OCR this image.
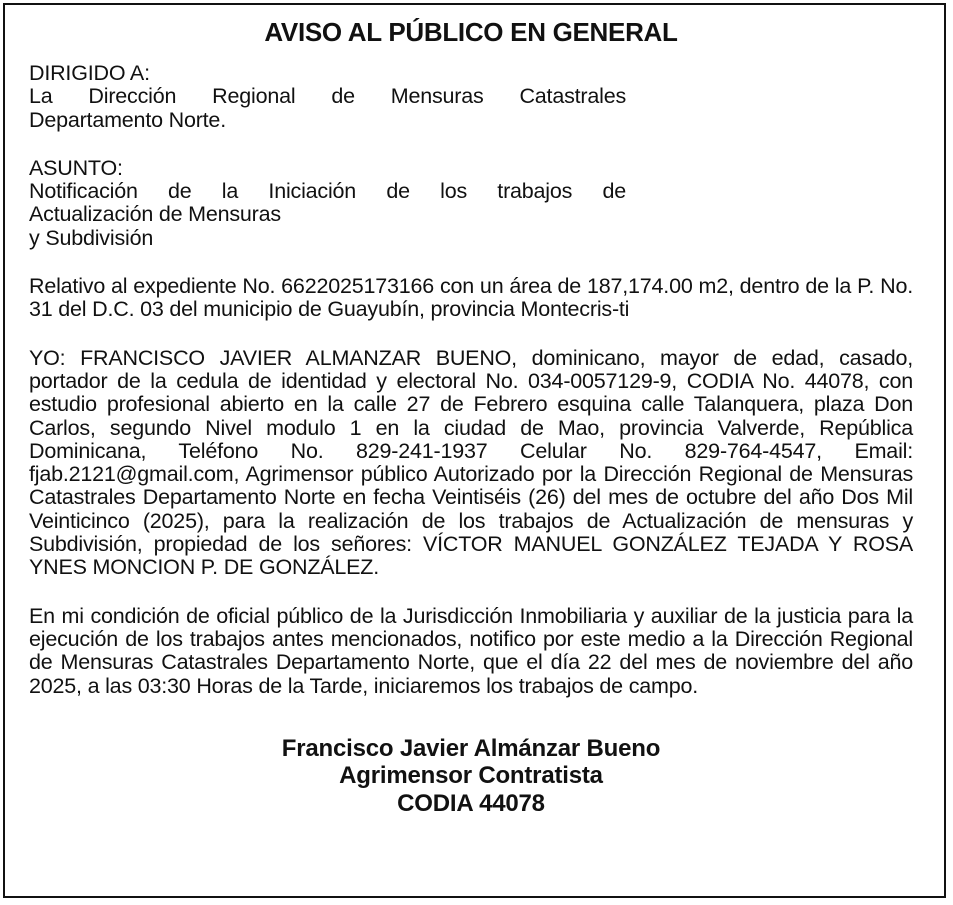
AVISO AL PÚBLICO EN GENERAL
DIRIGIDO A:La Dirección Regional de Mensuras Catastrales
Departamento Norte.
ASUNTO:Notificación de la Iniciación de los trabajos de
Actualización de Mensuras
y Subdivisión
Relativo al expediente No. 6622025173166 con un área de 187,174.00 m2, dentro de la P. No. 31 del D.C. 03 del municipio de Guayubín, provincia Montecris-ti
YO: FRANCISCO JAVIER ALMANZAR BUENO, dominicano, mayor de edad, casado, portador de la cedula de identidad y electoral No. 034-0057129-9, CODIA No. 44078, con estudio profesional abierto en la calle 27 de Febrero esquina calle Talanquera, plaza Don Carlos, segundo Nivel modulo 1 en la ciudad de Mao, provincia Valverde, República Dominicana, Teléfono No. 829-241-1937 Celular No. 829-764-4547, Email: fjab.2121@gmail.com, Agrimensor público Autorizado por la Dirección Regional de Mensuras Catastrales Departamento Norte en fecha Veintiséis (26) del mes de octubre del año Dos Mil Veinticinco (2025), para la realización de los trabajos de Actualización de mensuras y Subdivisión, propiedad de los señores: VÍCTOR MANUEL GONZÁLEZ TEJADA Y ROSA YNES MONCION P. DE GONZÁLEZ.
En mi condición de oficial público de la Jurisdicción Inmobiliaria y auxiliar de la justicia para la ejecución de los trabajos antes mencionados, notifico por este medio a la Dirección Regional de Mensuras Catastrales Departamento Norte, que el día 22 del mes de noviembre del año 2025, a las 03:30 Horas de la Tarde, iniciaremos los trabajos de campo.
Francisco Javier Almánzar Bueno
Agrimensor Contratista
CODIA 44078
